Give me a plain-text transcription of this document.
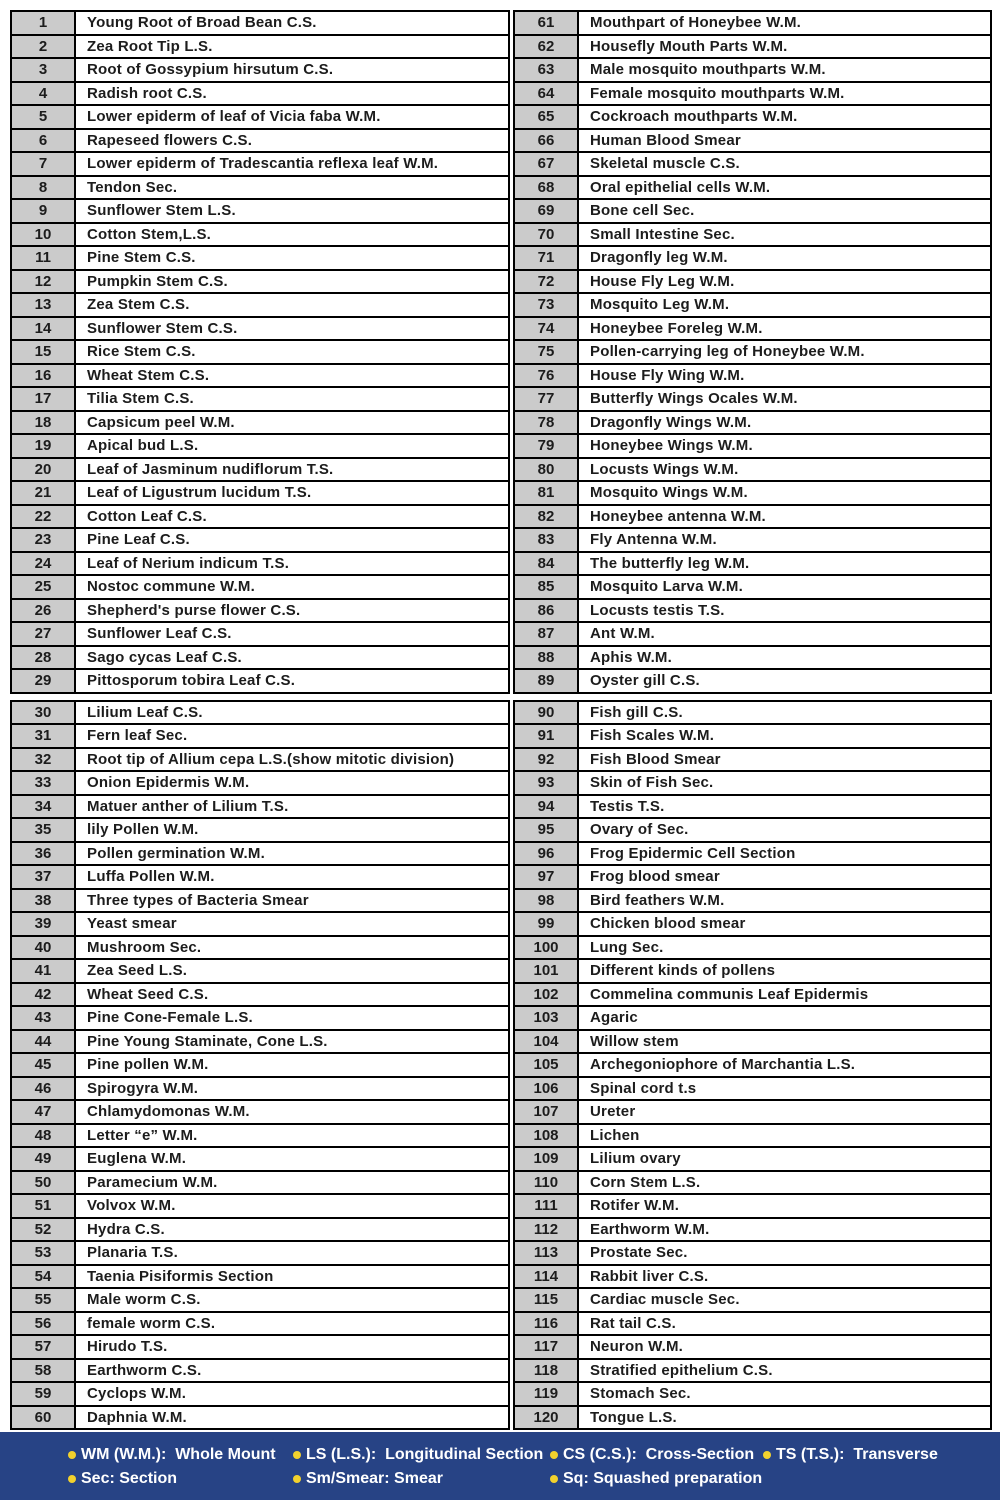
1	Young Root of Broad Bean C.S.
2	Zea Root Tip L.S.
3	Root of Gossypium hirsutum C.S.
4	Radish root C.S.
5	Lower epiderm of leaf of Vicia faba W.M.
6	Rapeseed flowers C.S.
7	Lower epiderm of Tradescantia reflexa leaf W.M.
8	Tendon Sec.
9	Sunflower Stem L.S.
10	Cotton Stem,L.S.
11	Pine Stem C.S.
12	Pumpkin Stem C.S.
13	Zea Stem C.S.
14	Sunflower Stem C.S.
15	Rice Stem C.S.
16	Wheat Stem C.S.
17	Tilia Stem C.S.
18	Capsicum peel W.M.
19	Apical bud L.S.
20	Leaf of Jasminum nudiflorum T.S.
21	Leaf of Ligustrum lucidum T.S.
22	Cotton Leaf C.S.
23	Pine Leaf C.S.
24	Leaf of Nerium indicum T.S.
25	Nostoc commune W.M.
26	Shepherd's purse flower C.S.
27	Sunflower Leaf C.S.
28	Sago cycas Leaf C.S.
29	Pittosporum tobira Leaf C.S.
30	Lilium Leaf C.S.
31	Fern leaf Sec.
32	Root tip of Allium cepa L.S.(show mitotic division)
33	Onion Epidermis W.M.
34	Matuer anther of Lilium T.S.
35	lily Pollen W.M.
36	Pollen germination W.M.
37	Luffa Pollen W.M.
38	Three types of Bacteria Smear
39	Yeast smear
40	Mushroom Sec.
41	Zea Seed L.S.
42	Wheat Seed C.S.
43	Pine Cone-Female L.S.
44	Pine Young Staminate, Cone L.S.
45	Pine pollen W.M.
46	Spirogyra W.M.
47	Chlamydomonas W.M.
48	Letter “e” W.M.
49	Euglena W.M.
50	Paramecium W.M.
51	Volvox W.M.
52	Hydra C.S.
53	Planaria T.S.
54	Taenia Pisiformis Section
55	Male worm C.S.
56	female worm C.S.
57	Hirudo T.S.
58	Earthworm C.S.
59	Cyclops W.M.
60	Daphnia W.M.
61	Mouthpart of Honeybee W.M.
62	Housefly Mouth Parts W.M.
63	Male mosquito mouthparts W.M.
64	Female mosquito mouthparts W.M.
65	Cockroach mouthparts W.M.
66	Human Blood Smear
67	Skeletal muscle C.S.
68	Oral epithelial cells W.M.
69	Bone cell Sec.
70	Small Intestine Sec.
71	Dragonfly leg W.M.
72	House Fly Leg W.M.
73	Mosquito Leg W.M.
74	Honeybee Foreleg W.M.
75	Pollen-carrying leg of Honeybee W.M.
76	House Fly Wing W.M.
77	Butterfly Wings Ocales W.M.
78	Dragonfly Wings W.M.
79	Honeybee Wings W.M.
80	Locusts Wings W.M.
81	Mosquito Wings W.M.
82	Honeybee antenna W.M.
83	Fly Antenna W.M.
84	The butterfly leg W.M.
85	Mosquito Larva W.M.
86	Locusts testis T.S.
87	Ant W.M.
88	Aphis W.M.
89	Oyster gill C.S.
90	Fish gill C.S.
91	Fish Scales W.M.
92	Fish Blood Smear
93	Skin of Fish Sec.
94	Testis T.S.
95	Ovary of Sec.
96	Frog Epidermic Cell Section
97	Frog blood smear
98	Bird feathers W.M.
99	Chicken blood smear
100	Lung Sec.
101	Different kinds of pollens
102	Commelina communis Leaf Epidermis
103	Agaric
104	Willow stem
105	Archegoniophore of Marchantia L.S.
106	Spinal cord t.s
107	Ureter
108	Lichen
109	Lilium ovary
110	Corn Stem L.S.
111	Rotifer W.M.
112	Earthworm W.M.
113	Prostate Sec.
114	Rabbit liver C.S.
115	Cardiac muscle Sec.
116	Rat tail C.S.
117	Neuron W.M.
118	Stratified epithelium C.S.
119	Stomach Sec.
120	Tongue L.S.
WM (W.M.):  Whole Mount LS (L.S.):  Longitudinal Section CS (C.S.):  Cross-Section TS (T.S.):  Transverse
Sec: Section	Sm/Smear: Smear	Sq: Squashed preparation
